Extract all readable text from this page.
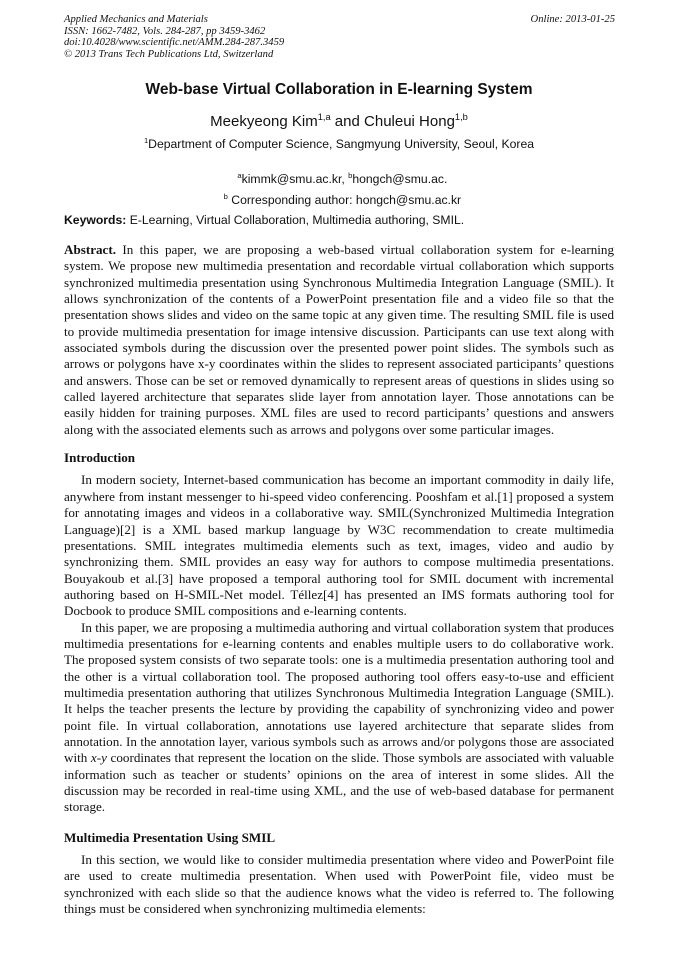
Applied Mechanics and Materials
ISSN: 1662-7482, Vols. 284-287, pp 3459-3462
doi:10.4028/www.scientific.net/AMM.284-287.3459
© 2013 Trans Tech Publications Ltd, Switzerland
Online: 2013-01-25
Web-base Virtual Collaboration in E-learning System
Meekyeong Kim$^{1,a}$ and Chuleui Hong$^{1,b}$
$^1$Department of Computer Science, Sangmyung University, Seoul, Korea

$^a$kimmk@smu.ac.kr, $^b$hongch@smu.ac.

$^b$ Corresponding author: hongch@smu.ac.kr

Keywords: E-Learning, Virtual Collaboration, Multimedia authoring, SMIL.

Abstract. In this paper, we are proposing a web-based virtual collaboration system for e-learning system. We propose new multimedia presentation and recordable virtual collaboration which supports synchronized multimedia presentation using Synchronous Multimedia Integration Language (SMIL). It allows synchronization of the contents of a PowerPoint presentation file and a video file so that the presentation shows slides and video on the same topic at any given time. The resulting SMIL file is used to provide multimedia presentation for image intensive discussion. Participants can use text along with associated symbols during the discussion over the presented power point slides. The symbols such as arrows or polygons have x-y coordinates within the slides to represent associated participants’ questions and answers. Those can be set or removed dynamically to represent areas of questions in slides using so called layered architecture that separates slide layer from annotation layer. Those annotations can be easily hidden for training purposes. XML files are used to record participants’ questions and answers along with the associated elements such as arrows and polygons over some particular images.

Introduction

In modern society, Internet-based communication has become an important commodity in daily life, anywhere from instant messenger to hi-speed video conferencing. Pooshfam et al.[1] proposed a system for annotating images and videos in a collaborative way. SMIL(Synchronized Multimedia Integration Language)[2] is a XML based markup language by W3C recommendation to create multimedia presentations. SMIL integrates multimedia elements such as text, images, video and audio by synchronizing them. SMIL provides an easy way for authors to compose multimedia presentations. Bouyakoub et al.[3] have proposed a temporal authoring tool for SMIL document with incremental authoring based on H-SMIL-Net model. Téllez[4] has presented an IMS formats authoring tool for Docbook to produce SMIL compositions and e-learning contents.

In this paper, we are proposing a multimedia authoring and virtual collaboration system that produces multimedia presentations for e-learning contents and enables multiple users to do collaborative work. The proposed system consists of two separate tools: one is a multimedia presentation authoring tool and the other is a virtual collaboration tool. The proposed authoring tool offers easy-to-use and efficient multimedia presentation authoring that utilizes Synchronous Multimedia Integration Language (SMIL). It helps the teacher presents the lecture by providing the capability of synchronizing video and power point file. In virtual collaboration, annotations use layered architecture that separate slides from annotation. In the annotation layer, various symbols such as arrows and/or polygons those are associated with x-y coordinates that represent the location on the slide. Those symbols are associated with valuable information such as teacher or students’ opinions on the area of interest in some slides. All the discussion may be recorded in real-time using XML, and the use of web-based database for permanent storage.

Multimedia Presentation Using SMIL

In this section, we would like to consider multimedia presentation where video and PowerPoint file are used to create multimedia presentation. When used with PowerPoint file, video must be synchronized with each slide so that the audience knows what the video is referred to. The following things must be considered when synchronizing multimedia elements:
